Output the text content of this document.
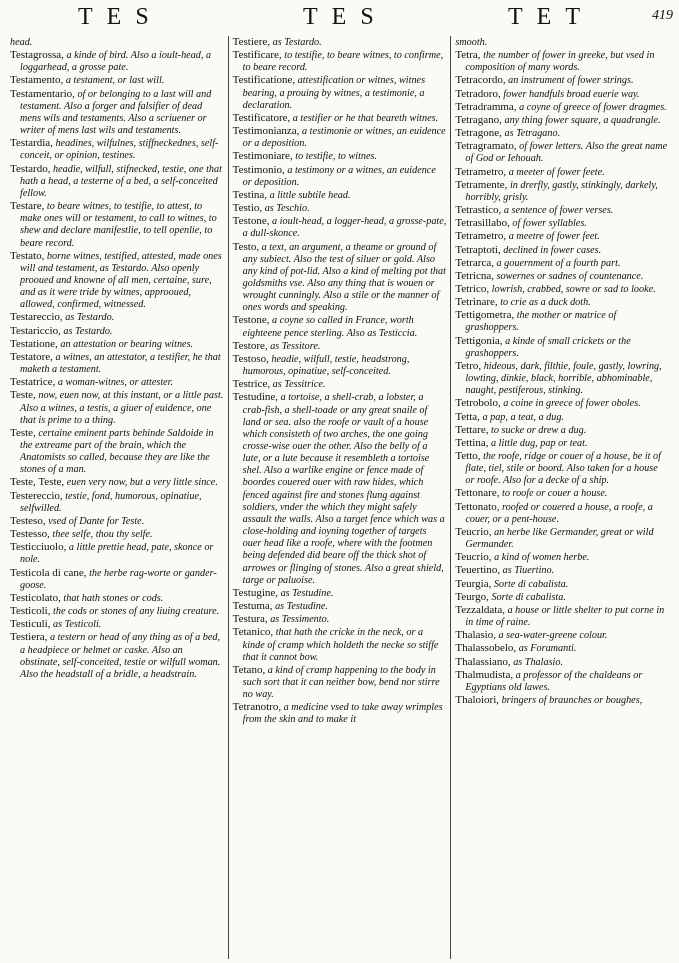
TES	TES	TET	419

head.

Testagrossa, a kinde of bird. Also a ioult-head, a loggarhead, a grosse pate.

Testamento, a testament, or last will.

Testamentario, of or belonging to a last will and testament. Also a forger and falsifier of dead mens wils and testaments. Also a scriuener or writer of mens last wils and testaments.

Testardia, headines, wilfulnes, stiffneckednes, self-conceit, or opinion, testines.

Testardo, headie, wilfull, stifnecked, testie, one that hath a head, a testerne of a bed, a self-conceited fellow.

Testare, to beare witnes, to testifie, to attest, to make ones will or testament, to call to witnes, to shew and declare manifestlie, to tell openlie, to beare record.

Testato, borne witnes, testified, attested, made ones will and testament, as Testardo. Also openly prooued and knowne of all men, certaine, sure, and as it were tride by witnes, approoued, allowed, confirmed, witnessed.

Testareccio, as Testardo.

Testariccio, as Testardo.

Testatione, an attestation or bearing witnes.

Testatore, a witnes, an attestator, a testifier, he that maketh a testament.

Testatrice, a woman-witnes, or attester.

Teste, now, euen now, at this instant, or a little past. Also a witnes, a testis, a giuer of euidence, one that is prime to a thing.

Teste, certaine eminent parts behinde Saldoide in the extreame part of the brain, which the Anatomists so called, because they are like the stones of a man.

Teste, Teste, euen very now, but a very little since.

Testereccio, testie, fond, humorous, opinatiue, selfwilled.

Testeso, vsed of Dante for Teste.

Testesso, thee selfe, thou thy selfe.

Testicciuolo, a little prettie head, pate, skonce or nole.

Testicola di cane, the herbe rag-worte or gander-goose.

Testicolato, that hath stones or cods.

Testicoli, the cods or stones of any liuing creature.

Testiculi, as Testicoli.

Testiera, a testern or head of any thing as of a bed, a headpiece or helmet or caske. Also an obstinate, self-conceited, testie or wilfull woman. Also the headstall of a bridle, a headstrain.

Testiere, as Testardo.

Testificare, to testifie, to beare witnes, to confirme, to beare record.

Testificatione, attestification or witnes, witnes bearing, a prouing by witnes, a testimonie, a declaration.

Testificatore, a testifier or he that beareth witnes.

Testimonianza, a testimonie or witnes, an euidence or a deposition.

Testimoniare, to testifie, to witnes.

Testimonio, a testimony or a witnes, an euidence or deposition.

Testina, a little subtile head.

Testio, as Teschio.

Testone, a ioult-head, a logger-head, a grosse-pate, a dull-skonce.

Testo, a text, an argument, a theame or ground of any subiect. Also the test of siluer or gold. Also any kind of pot-lid. Also a kind of melting pot that goldsmiths vse. Also any thing that is wouen or wrought cunningly. Also a stile or the manner of ones words and speaking.

Testone, a coyne so called in France, worth eighteene pence sterling. Also as Testiccia.

Testore, as Tessitore.

Testoso, headie, wilfull, testie, headstrong, humorous, opinatiue, self-conceited.

Testrice, as Tessitrice.

Testudine, a tortoise, a shell-crab, a lobster, a crab-fish, a shell-toade or any great snaile of land or sea. also the roofe or vault of a house which consisteth of two arches, the one going crosse-wise ouer the other. Also the belly of a lute, or a lute because it resembleth a tortoise shel. Also a warlike engine or fence made of boordes couered ouer with raw hides, which fenced against fire and stones flung against soldiers, vnder the which they might safely assault the walls. Also a target fence which was a close-holding and ioyning together of targets ouer head like a roofe, where with the footmen being defended did beare off the thick shot of arrowes or flinging of stones. Also a great shield, targe or paluoise.

Testugine, as Testudine.

Testuma, as Testudine.

Testura, as Tessimento.

Tetanico, that hath the cricke in the neck, or a kinde of cramp which holdeth the necke so stiffe that it cannot bow.

Tetano, a kind of cramp happening to the body in such sort that it can neither bow, bend nor stirre no way.

Tetranotro, a medicine vsed to take away wrimples from the skin and to make it

smooth.

Tetra, the number of fower in greeke, but vsed in composition of many words.

Tetracordo, an instrument of fower strings.

Tetradoro, fower handfuls broad euerie way.

Tetradramma, a coyne of greece of fower dragmes.

Tetragano, any thing fower square, a quadrangle.

Tetragone, as Tetragano.

Tetragramato, of fower letters. Also the great name of God or Iehouah.

Tetrametro, a meeter of fower feete.

Tetramente, in drerfly, gastly, stinkingly, darkely, horribly, grisly.

Tetrastico, a sentence of fower verses.

Tetrasillabo, of fower syllables.

Tetrametro, a meetre of fower feet.

Tetraptoti, declined in fower cases.

Tetrarca, a gouernment of a fourth part.

Tetricna, sowernes or sadnes of countenance.

Tetrico, lowrish, crabbed, sowre or sad to looke.

Tetrinare, to crie as a duck doth.

Tettigometra, the mother or matrice of grashoppers.

Tettigonia, a kinde of small crickets or the grashoppers.

Tetro, hideous, dark, filthie, foule, gastly, lowring, lowting, dinkie, black, horrible, abhominable, naught, pestiferous, stinking.

Tetrobolo, a coine in greece of fower oboles.

Tetta, a pap, a teat, a dug.

Tettare, to sucke or drew a dug.

Tettina, a little dug, pap or teat.

Tetto, the roofe, ridge or couer of a house, be it of flate, tiel, stile or boord. Also taken for a house or roofe. Also for a decke of a ship.

Tettonare, to roofe or couer a house.

Tettonato, roofed or couered a house, a roofe, a couer, or a pent-house.

Teucrio, an herbe like Germander, great or wild Germander.

Teucrio, a kind of women herbe.

Teuertino, as Tiuertino.

Teurgia, Sorte di cabalista.

Teurgo, Sorte di cabalista.

Tezzaldata, a house or little shelter to put corne in in time of raine.

Thalasio, a sea-water-greene colour.

Thalassobelo, as Foramanti.

Thalassiano, as Thalasio.

Thalmudista, a professor of the chaldeans or Egyptians old lawes.

Thaloiori, bringers of braunches or boughes,
